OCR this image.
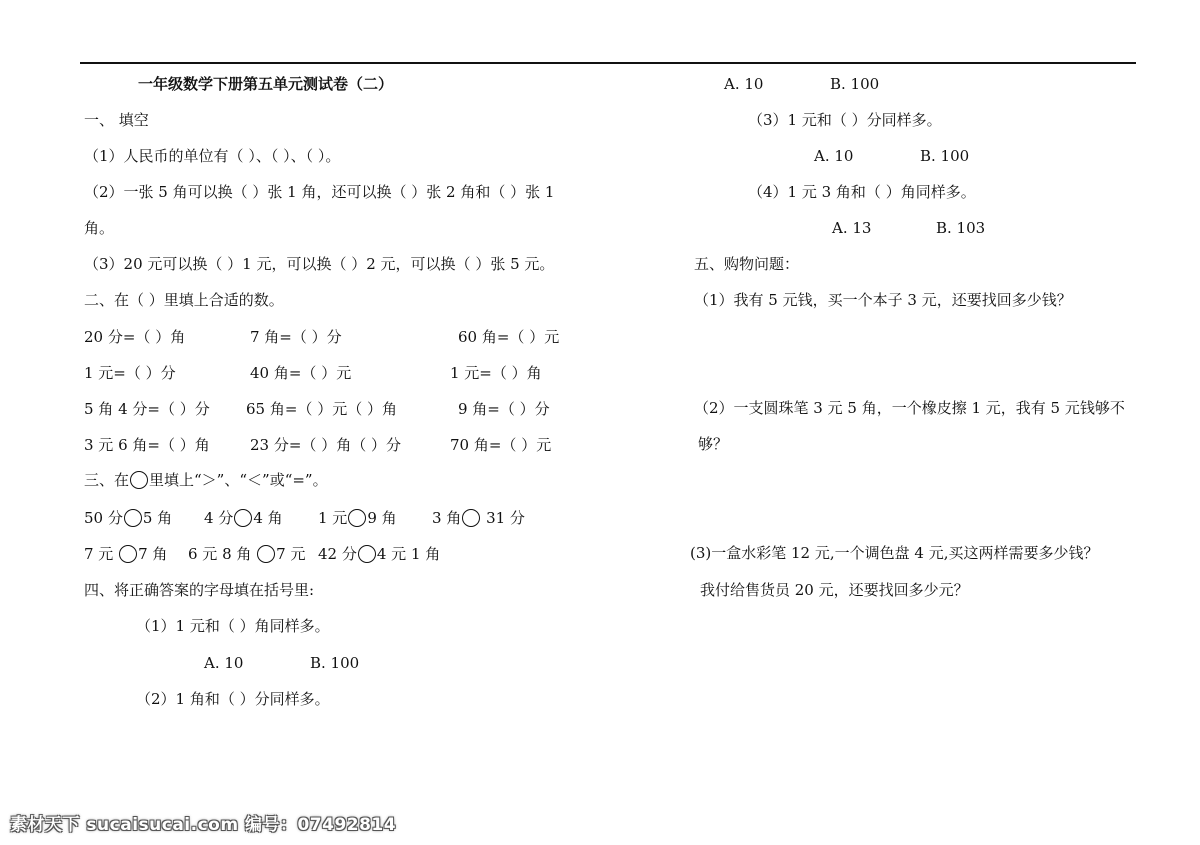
一年级数学下册第五单元测试卷（二）
一、 填空
（1）人民币的单位有（ ）、（ ）、（ ）。
（2）一张 5 角可以换（ ）张 1 角，还可以换（ ）张 2 角和（ ）张 1
角。
（3）20 元可以换（ ）1 元，可以换（ ）2 元，可以换（ ）张 5 元。
二、在（ ）里填上合适的数。
20 分=（ ）角	7 角=（ ）分	60 角=（ ）元
1 元=（ ）分	40 角=（ ）元	1 元=（ ）角
5 角 4 分=（ ）分 65 角=（ ）元（ ）角	9 角=（ ）分
3 元 6 角=（ ）角	23 分=（ ）角（ ）分	70 角=（ ）元
三、在 里填上“＞”、“＜”或“=”。
50 分 5 角 4 分 4 角 1 元 9 角 3 角 31 分
7 元 7 角 6 元 8 角 7 元 42 分 4 元 1 角
四、将正确答案的字母填在括号里:
（1）1 元和（ ）角同样多。
A. 10	B. 100
（2）1 角和（ ）分同样多。
A. 10	B. 100
（3）1 元和（ ）分同样多。
A. 10	B. 100
（4）1 元 3 角和（ ）角同样多。
A. 13	B. 103
五、购物问题：
（1）我有 5 元钱，买一个本子 3 元，还要找回多少钱？
（2）一支圆珠笔 3 元 5 角，一个橡皮擦 1 元，我有 5 元钱够不
够？
(3)一盒水彩笔 12 元,一个调色盘 4 元,买这两样需要多少钱？
我付给售货员 20 元，还要找回多少元？
素材天下 sucaisucai.com 编号：07492814
